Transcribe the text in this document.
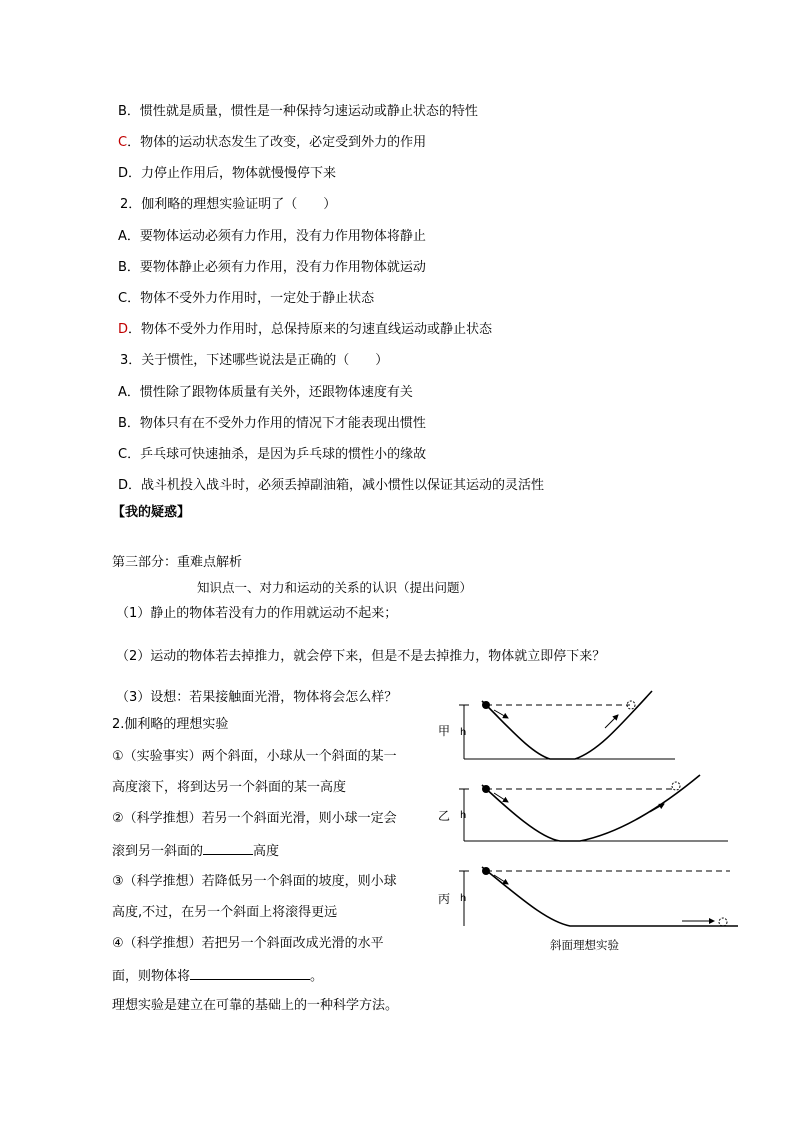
B．惯性就是质量，惯性是一种保持匀速运动或静止状态的特性
C．物体的运动状态发生了改变，必定受到外力的作用
D．力停止作用后，物体就慢慢停下来
2．伽利略的理想实验证明了（　　）
A．要物体运动必须有力作用，没有力作用物体将静止
B．要物体静止必须有力作用，没有力作用物体就运动
C．物体不受外力作用时，一定处于静止状态
D．物体不受外力作用时，总保持原来的匀速直线运动或静止状态
3．关于惯性，下述哪些说法是正确的（　　）
A．惯性除了跟物体质量有关外，还跟物体速度有关
B．物体只有在不受外力作用的情况下才能表现出惯性
C．乒乓球可快速抽杀，是因为乒乓球的惯性小的缘故
D．战斗机投入战斗时，必须丢掉副油箱，减小惯性以保证其运动的灵活性
【我的疑惑】
第三部分：重难点解析
知识点一、对力和运动的关系的认识（提出问题）
（1）静止的物体若没有力的作用就运动不起来；
（2）运动的物体若去掉推力，就会停下来，但是不是去掉推力，物体就立即停下来？
（3）设想：若果接触面光滑，物体将会怎么样？
2.伽利略的理想实验
①（实验事实）两个斜面，小球从一个斜面的某一
高度滚下，将到达另一个斜面的某一高度
②（科学推想）若另一个斜面光滑，则小球一定会
滚到另一斜面的	高度
③（科学推想）若降低另一个斜面的坡度，则小球
高度,不过，在另一个斜面上将滚得更远
④（科学推想）若把另一个斜面改成光滑的水平
面，则物体将	。
理想实验是建立在可靠的基础上的一种科学方法。
甲 h
乙 h
丙 h
斜面理想实验
